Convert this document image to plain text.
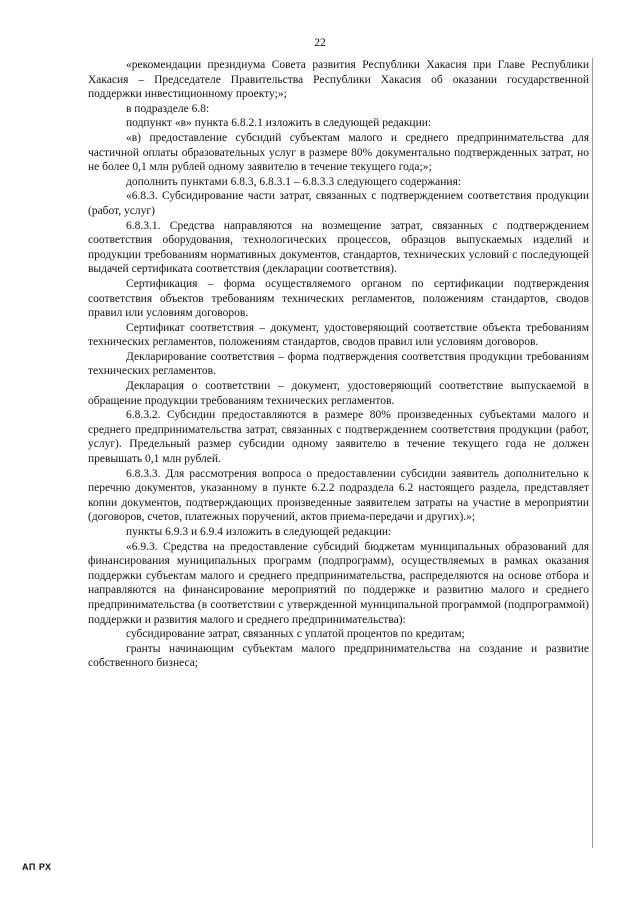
22

«рекомендации президиума Совета развития Республики Хакасия при Главе Республики Хакасия – Председателе Правительства Республики Хакасия об оказании государственной поддержки инвестиционному проекту;»;

в подразделе 6.8:

подпункт «в» пункта 6.8.2.1 изложить в следующей редакции:

«в) предоставление субсидий субъектам малого и среднего предпринимательства для частичной оплаты образовательных услуг в размере 80% документально подтвержденных затрат, но не более 0,1 млн рублей одному заявителю в течение текущего года;»;

дополнить пунктами 6.8.3, 6.8.3.1 – 6.8.3.3 следующего содержания:

«6.8.3. Субсидирование части затрат, связанных с подтверждением соответствия продукции (работ, услуг)

6.8.3.1. Средства направляются на возмещение затрат, связанных с подтверждением соответствия оборудования, технологических процессов, образцов выпускаемых изделий и продукции требованиям нормативных документов, стандартов, технических условий с последующей выдачей сертификата соответствия (декларации соответствия).

Сертификация – форма осуществляемого органом по сертификации подтверждения соответствия объектов требованиям технических регламентов, положениям стандартов, сводов правил или условиям договоров.

Сертификат соответствия – документ, удостоверяющий соответствие объекта требованиям технических регламентов, положениям стандартов, сводов правил или условиям договоров.

Декларирование соответствия – форма подтверждения соответствия продукции требованиям технических регламентов.

Декларация о соответствии – документ, удостоверяющий соответствие выпускаемой в обращение продукции требованиям технических регламентов.

6.8.3.2. Субсидии предоставляются в размере 80% произведенных субъектами малого и среднего предпринимательства затрат, связанных с подтверждением соответствия продукции (работ, услуг). Предельный размер субсидии одному заявителю в течение текущего года не должен превышать 0,1 млн рублей.

6.8.3.3. Для рассмотрения вопроса о предоставлении субсидии заявитель дополнительно к перечню документов, указанному в пункте 6.2.2 подраздела 6.2 настоящего раздела, представляет копии документов, подтверждающих произведенные заявителем затраты на участие в мероприятии (договоров, счетов, платежных поручений, актов приема-передачи и других).»;

пункты 6.9.3 и 6.9.4 изложить в следующей редакции:

«6.9.3. Средства на предоставление субсидий бюджетам муниципальных образований для финансирования муниципальных программ (подпрограмм), осуществляемых в рамках оказания поддержки субъектам малого и среднего предпринимательства, распределяются на основе отбора и направляются на финансирование мероприятий по поддержке и развитию малого и среднего предпринимательства (в соответствии с утвержденной муниципальной программой (подпрограммой) поддержки и развития малого и среднего предпринимательства):

субсидирование затрат, связанных с уплатой процентов по кредитам;

гранты начинающим субъектам малого предпринимательства на создание и развитие собственного бизнеса;

АП РХ
